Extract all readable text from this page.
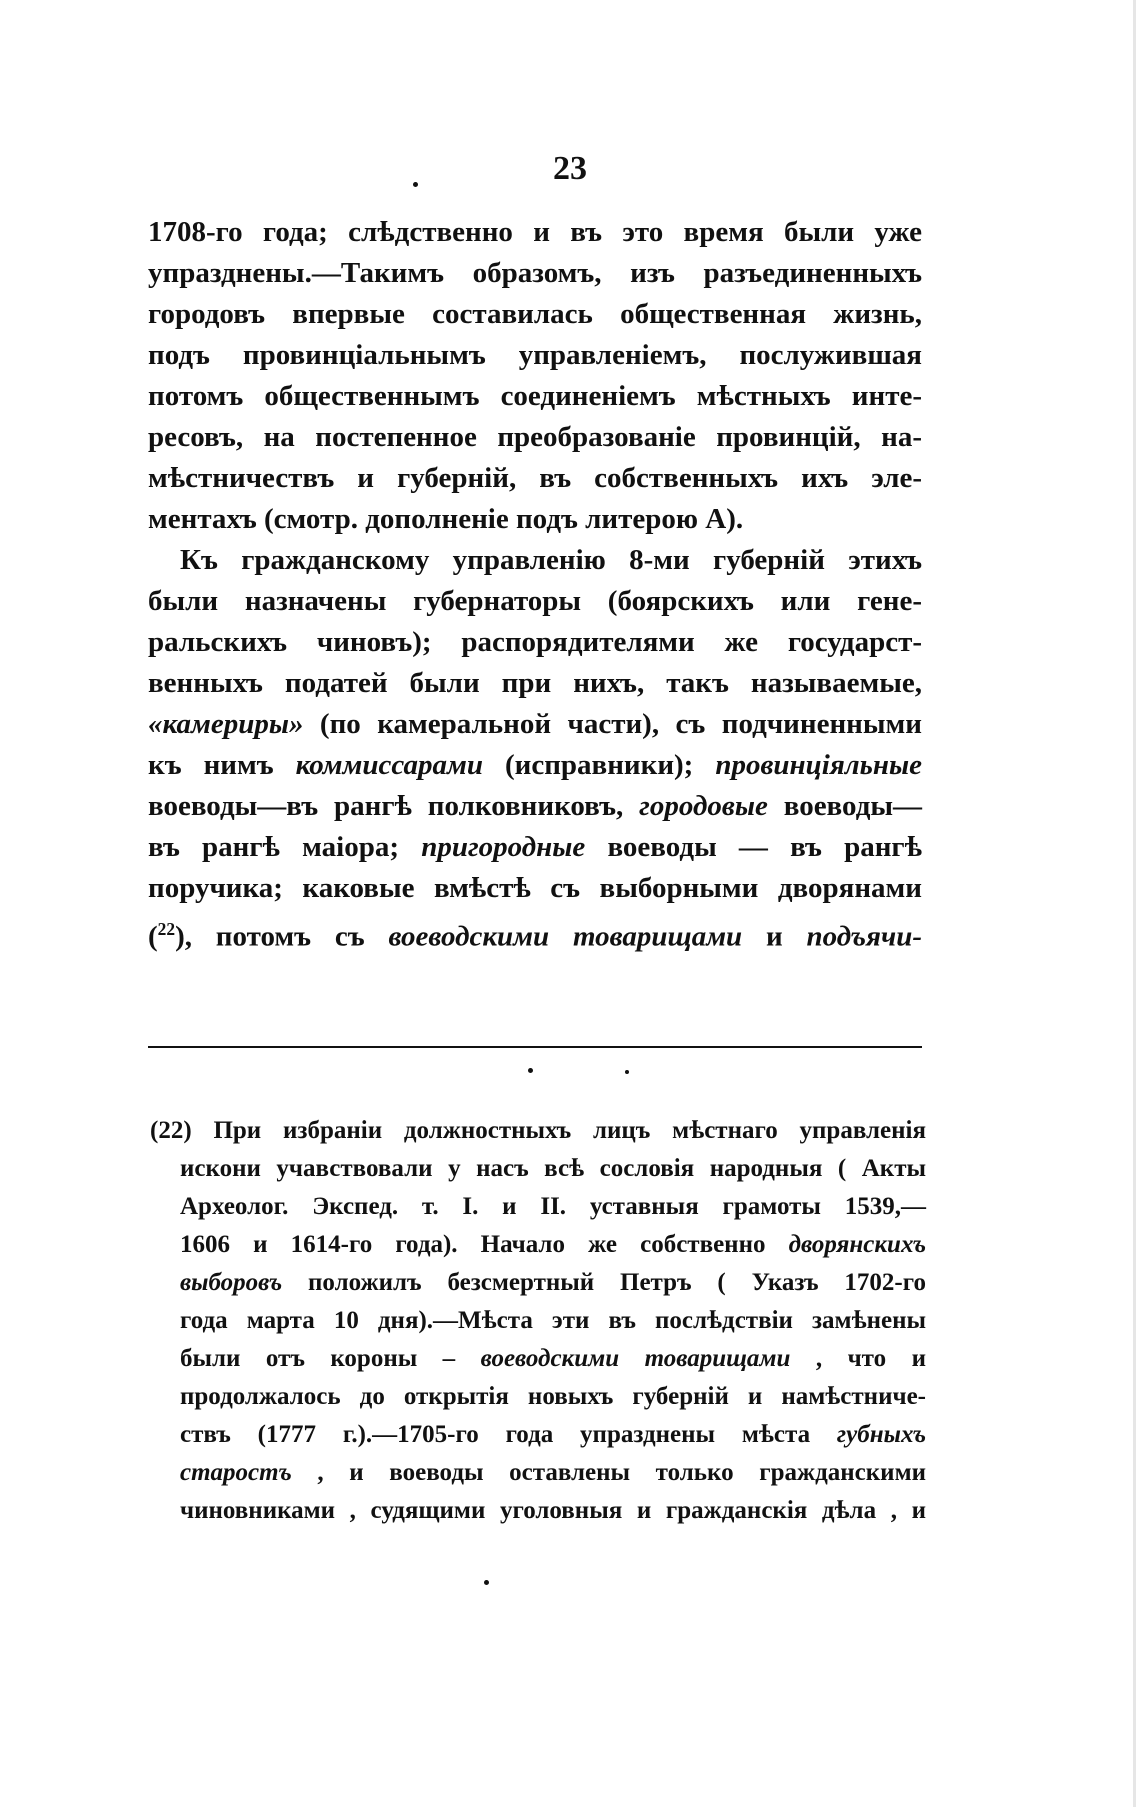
23
1708-го года; слѣдственно и въ это время были уже
упразднены.—Такимъ образомъ, изъ разъединенныхъ
городовъ впервые составилась общественная жизнь,
подъ провинціальнымъ управленіемъ, послужившая
потомъ общественнымъ соединеніемъ мѣстныхъ инте-
ресовъ, на постепенное преобразованіе провинцій, на-
мѣстничествъ и губерній, въ собственныхъ ихъ эле-
ментахъ (смотр. дополненіе подъ литерою А).
Къ гражданскому управленію 8-ми губерній этихъ
были назначены губернаторы (боярскихъ или гене-
ральскихъ чиновъ); распорядителями же государст-
венныхъ податей были при нихъ, такъ называемые,
«камериры» (по камеральной части), съ подчиненными
къ нимъ коммиссарами (исправники); провинціяльные
воеводы—въ рангѣ полковниковъ, городовые воеводы—
въ рангѣ маіора; пригородные воеводы — въ рангѣ
поручика; каковые вмѣстѣ съ выборными дворянами
($^{22}$), потомъ съ воеводскими товарищами и подъячи-
(22) При избраніи должностныхъ лицъ мѣстнаго управленія
искони учавствовали у насъ всѣ сословія народныя ( Акты
Археолог. Экспед. т. I. и II. уставныя грамоты 1539,—
1606 и 1614-го года). Начало же собственно дворянскихъ
выборовъ положилъ безсмертный Петръ ( Указъ 1702-го
года марта 10 дня).—Мѣста эти въ послѣдствіи замѣнены
были отъ короны – воеводскими товарищами , что и
продолжалось до открытія новыхъ губерній и намѣстниче-
ствъ (1777 г.).—1705-го года упразднены мѣста губныхъ
старостъ , и воеводы оставлены только гражданскими
чиновниками , судящими уголовныя и гражданскія дѣла , и
